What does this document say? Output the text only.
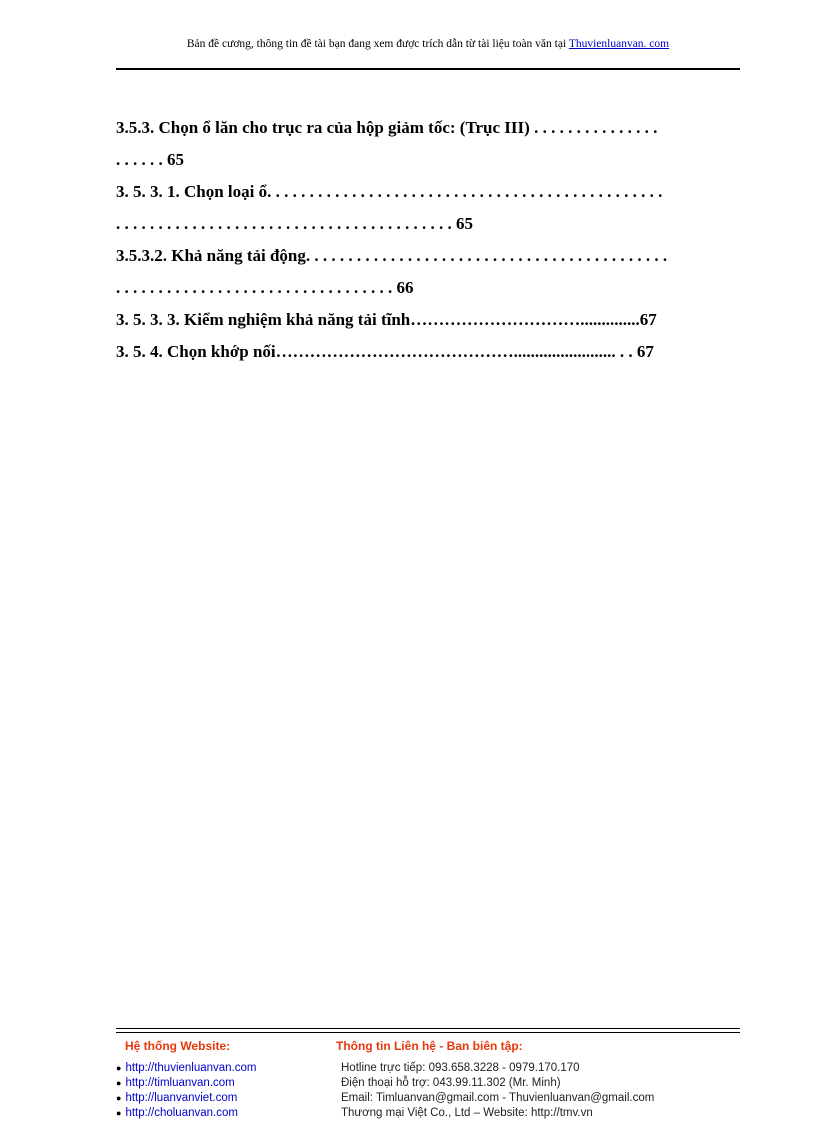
Bản đề cương, thông tin đề tài bạn đang xem được trích dẫn từ tài liệu toàn văn tại Thuvienluanvan. com
3.5.3. Chọn ổ lăn cho trục ra của hộp giảm tốc: (Trục III) . . . . . . . . . . . . . . .
. . . . . . 65
3. 5. 3. 1. Chọn loại ổ. . . . . . . . . . . . . . . . . . . . . . . . . . . . . . . . . . . . . . . . . . . . . . .
. . . . . . . . . . . . . . . . . . . . . . . . . . . . . . . . . . . . . . . . 65
3.5.3.2. Khả năng tải động. . . . . . . . . . . . . . . . . . . . . . . . . . . . . . . . . . . . . . . . . . .
. . . . . . . . . . . . . . . . . . . . . . . . . . . . . . . . . 66
3. 5. 3. 3. Kiểm nghiệm khả năng tải tĩnh…………………………..............67
3. 5. 4. Chọn khớp nối……………………………………........................ . . 67
Hệ thống Website:
● http://thuvienluanvan.com
● http://timluanvan.com
● http://luanvanviet.com
● http://choluanvan.com
Thông tin Liên hệ - Ban biên tập:
Hotline trực tiếp: 093.658.3228 - 0979.170.170
Điện thoại hỗ trợ: 043.99.11.302 (Mr. Minh)
Email: Timluanvan@gmail.com - Thuvienluanvan@gmail.com
Thương mại Việt Co., Ltd – Website: http://tmv.vn
